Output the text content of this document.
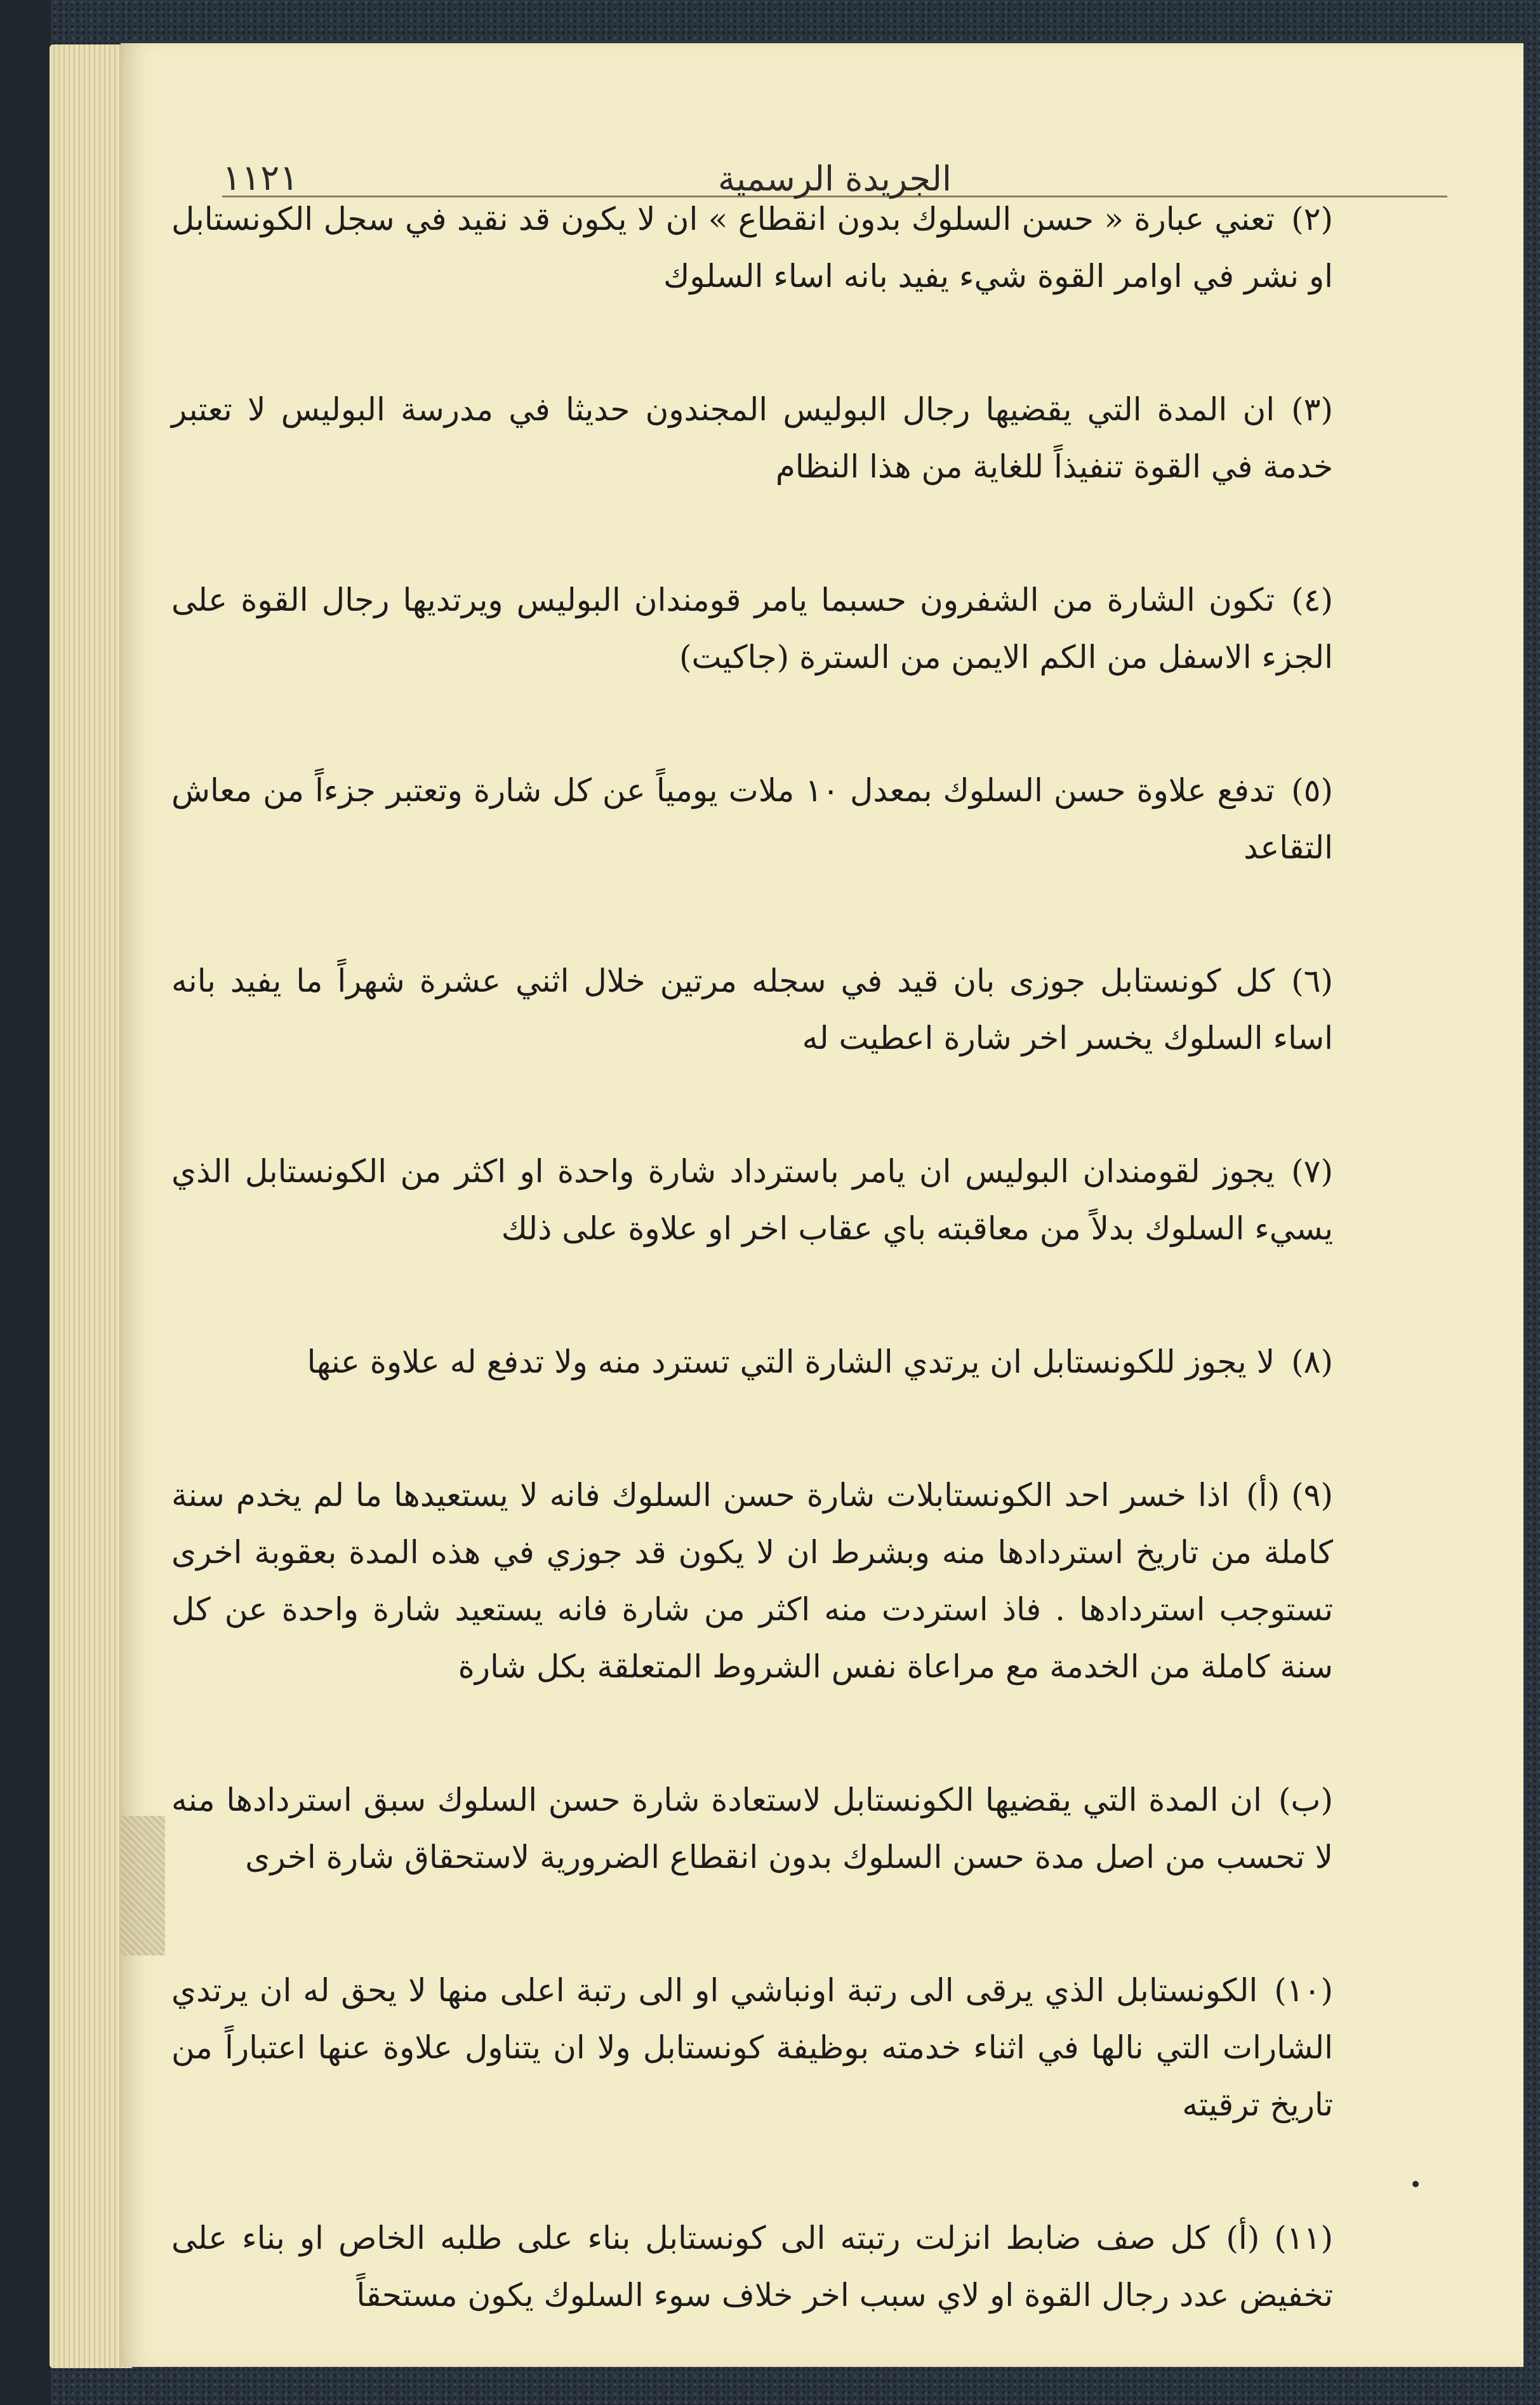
١١٢١	الجريدة الرسمية

(٢)تعني عبارة « حسن السلوك بدون انقطاع » ان لا يكون قد نقيد في سجل الكونستابل او نشر في اوامر القوة شيء يفيد بانه اساء السلوك

(٣)ان المدة التي يقضيها رجال البوليس المجندون حديثا في مدرسة البوليس لا تعتبر خدمة في القوة تنفيذاً للغاية من هذا النظام

(٤)تكون الشارة من الشفرون حسبما يامر قومندان البوليس ويرتديها رجال القوة على الجزء الاسفل من الكم الايمن من السترة (جاكيت)

(٥)تدفع علاوة حسن السلوك بمعدل ١٠ ملات يومياً عن كل شارة وتعتبر جزءاً من معاش التقاعد

(٦)كل كونستابل جوزى بان قيد في سجله مرتين خلال اثني عشرة شهراً ما يفيد بانه اساء السلوك يخسر اخر شارة اعطيت له

(٧)يجوز لقومندان البوليس ان يامر باسترداد شارة واحدة او اكثر من الكونستابل الذي يسيء السلوك بدلاً من معاقبته باي عقاب اخر او علاوة على ذلك

(٨)لا يجوز للكونستابل ان يرتدي الشارة التي تسترد منه ولا تدفع له علاوة عنها

(٩) (أ)اذا خسر احد الكونستابلات شارة حسن السلوك فانه لا يستعيدها ما لم يخدم سنة كاملة من تاريخ استردادها منه وبشرط ان لا يكون قد جوزي في هذه المدة بعقوبة اخرى تستوجب استردادها . فاذ استردت منه اكثر من شارة فانه يستعيد شارة واحدة عن كل سنة كاملة من الخدمة مع مراعاة نفس الشروط المتعلقة بكل شارة

(ب)ان المدة التي يقضيها الكونستابل لاستعادة شارة حسن السلوك سبق استردادها منه لا تحسب من اصل مدة حسن السلوك بدون انقطاع الضرورية لاستحقاق شارة اخرى

(١٠)الكونستابل الذي يرقى الى رتبة اونباشي او الى رتبة اعلى منها لا يحق له ان يرتدي الشارات التي نالها في اثناء خدمته بوظيفة كونستابل ولا ان يتناول علاوة عنها اعتباراً من تاريخ ترقيته

(١١) (أ)كل صف ضابط انزلت رتبته الى كونستابل بناء على طلبه الخاص او بناء على تخفيض عدد رجال القوة او لاي سبب اخر خلاف سوء السلوك يكون مستحقاً
